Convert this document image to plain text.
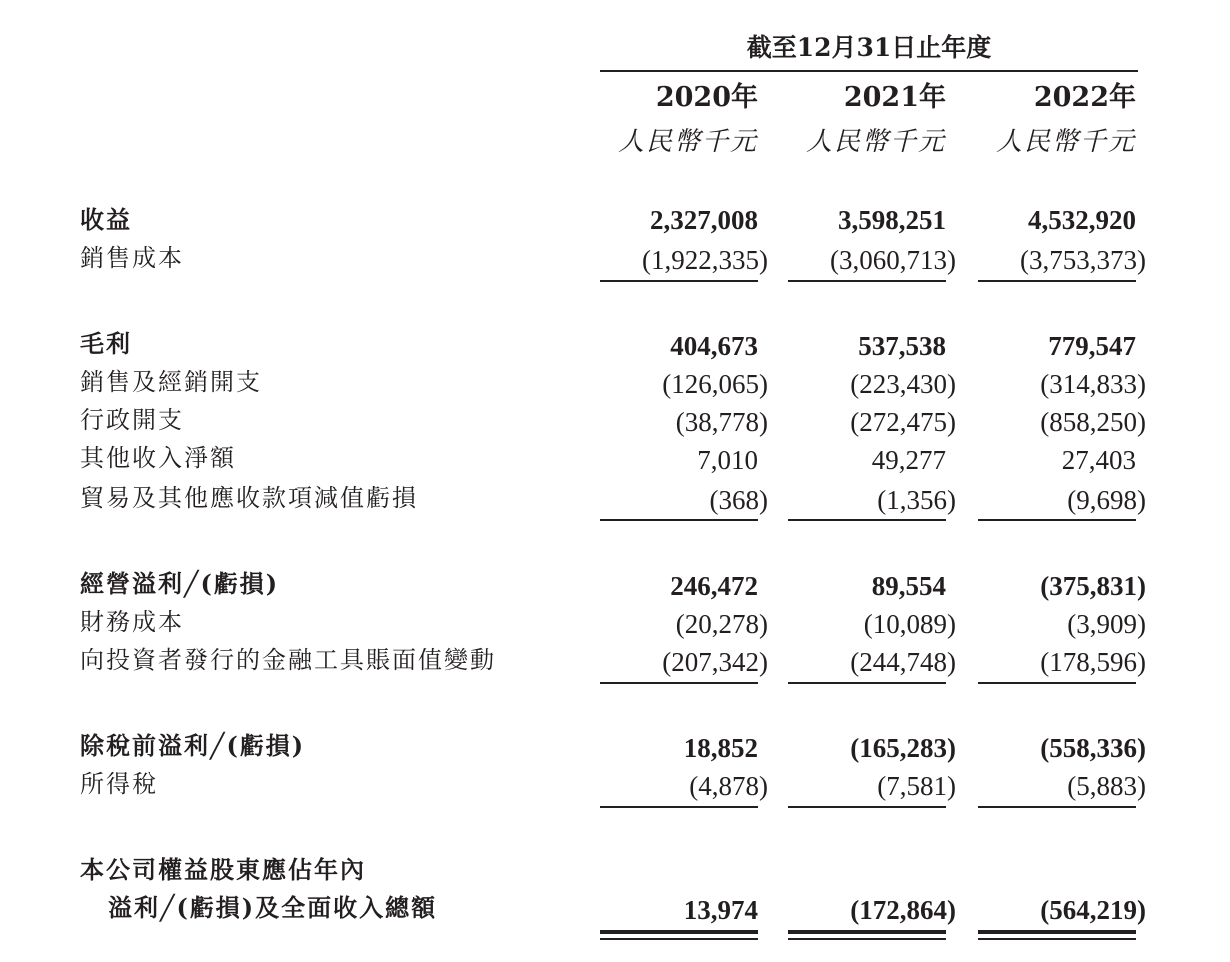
截至12月31日止年度
2020年	2021年	2022年
人民幣千元 人民幣千元 人民幣千元
收益	2,327,008	3,598,251	4,532,920
銷售成本	(1,922,335) (3,060,713) (3,753,373)
毛利	404,673	537,538	779,547
銷售及經銷開支	(126,065)	(223,430)	(314,833)
行政開支	(38,778)	(272,475)	(858,250)
其他收入淨額	7,010	49,277	27,403
貿易及其他應收款項減值虧損	(368)	(1,356)	(9,698)
經營溢利╱(虧損)	246,472	89,554	(375,831)
財務成本	(20,278)	(10,089)	(3,909)
向投資者發行的金融工具賬面值變動	(207,342)	(244,748)	(178,596)
除稅前溢利╱(虧損)	18,852	(165,283)	(558,336)
所得稅	(4,878)	(7,581)	(5,883)
本公司權益股東應佔年內
溢利╱(虧損)及全面收入總額	13,974	(172,864)	(564,219)
